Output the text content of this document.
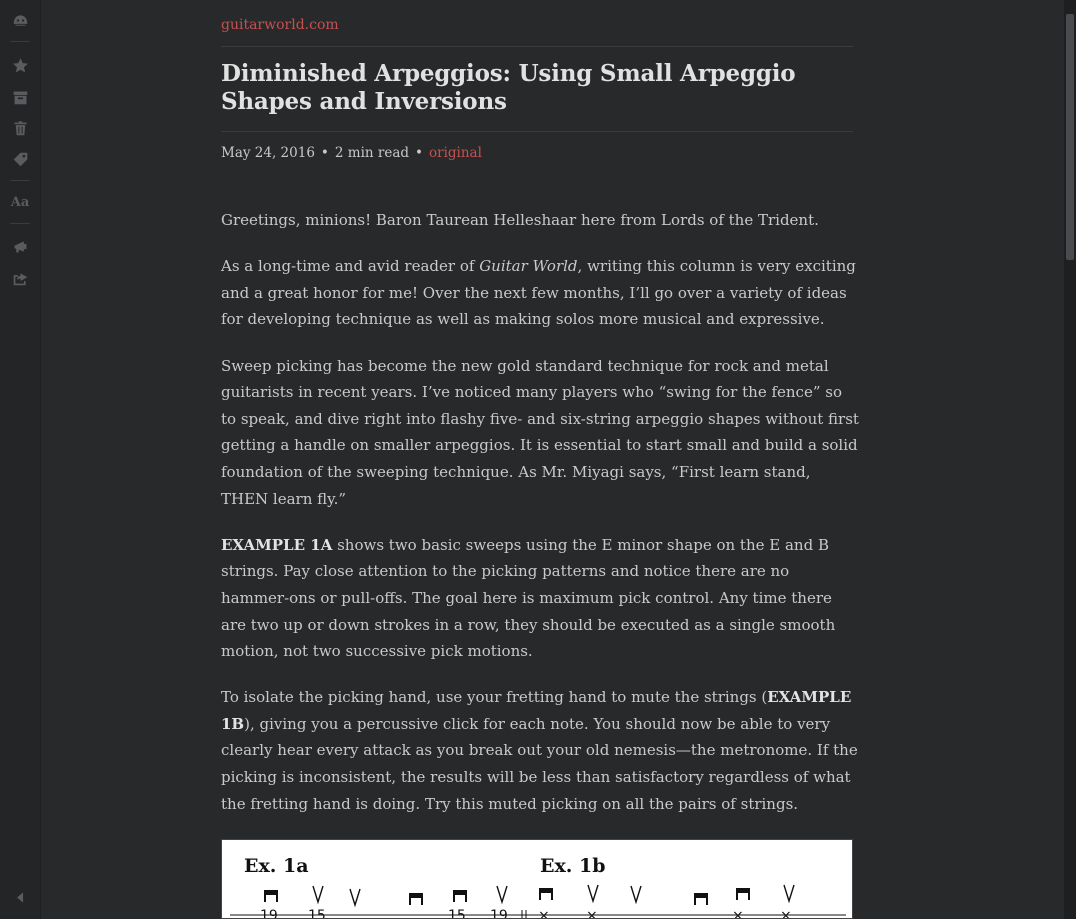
Aa
guitarworld.com
Diminished Arpeggios: Using Small Arpeggio Shapes and Inversions
May 24, 2016 • 2 min read • original

Greetings, minions! Baron Taurean Helleshaar here from Lords of the Trident.

As a long-time and avid reader of Guitar World, writing this column is very exciting and a great honor for me! Over the next few months, I’ll go over a variety of ideas for developing technique as well as making solos more musical and expressive.

Sweep picking has become the new gold standard technique for rock and metal guitarists in recent years. I’ve noticed many players who “swing for the fence” so to speak, and dive right into flashy five- and six-string arpeggio shapes without first getting a handle on smaller arpeggios. It is essential to start small and build a solid foundation of the sweeping technique. As Mr. Miyagi says, “First learn stand, THEN learn fly.”

EXAMPLE 1A shows two basic sweeps using the E minor shape on the E and B strings. Pay close attention to the picking patterns and notice there are no hammer-ons or pull-offs. The goal here is maximum pick control. Any time there are two up or down strokes in a row, they should be executed as a single smooth motion, not two successive pick motions.

To isolate the picking hand, use your fretting hand to mute the strings (EXAMPLE 1B), giving you a percussive click for each note. You should now be able to very clearly hear every attack as you break out your old nemesis—the metronome. If the picking is inconsistent, the results will be less than satisfactory regardless of what the fretting hand is doing. Try this muted picking on all the pairs of strings.

Ex. 1a	Ex. 1b
19 15	15 19 ×	×	×	×
